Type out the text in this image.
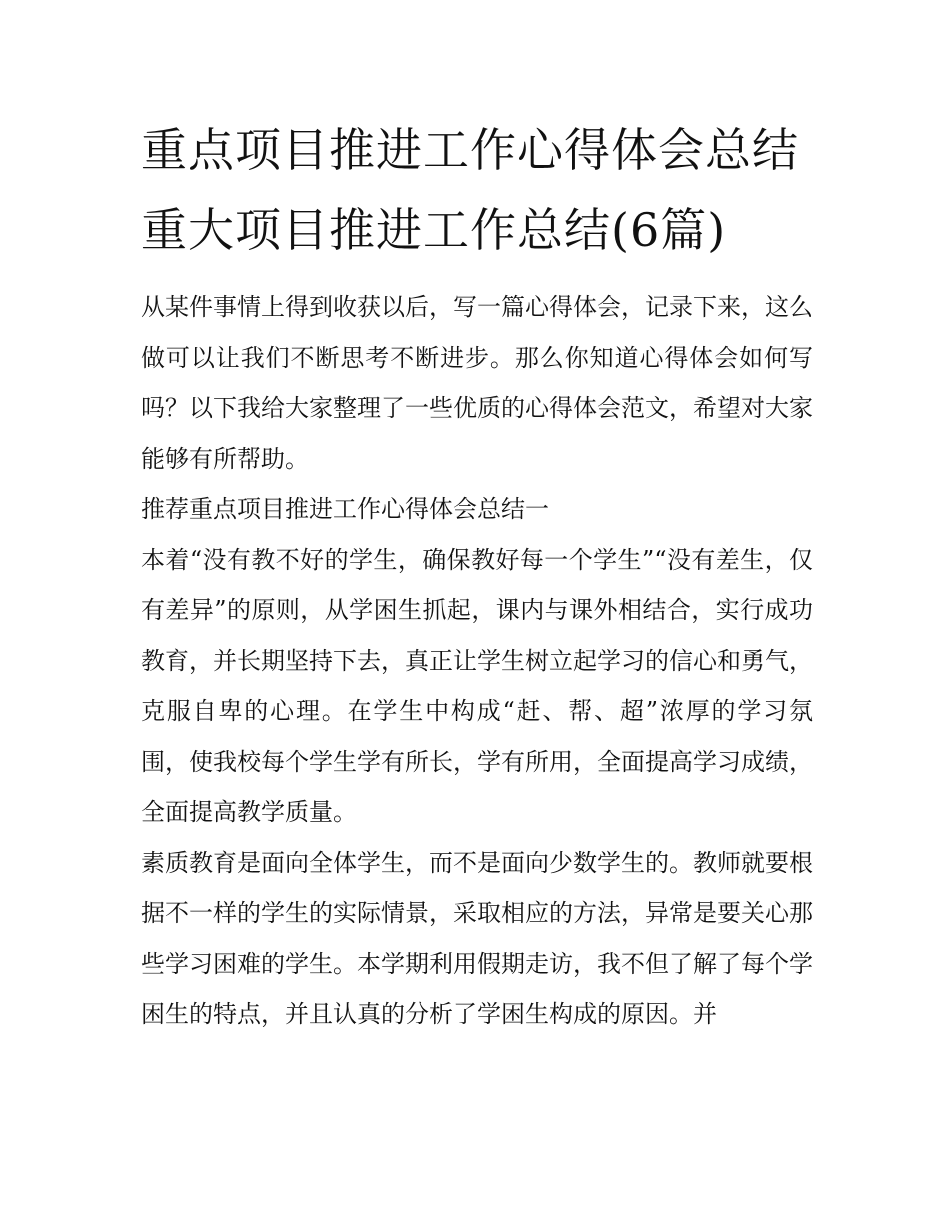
重点项目推进工作心得体会总结 重大项目推进工作总结(6篇)

从某件事情上得到收获以后，写一篇心得体会，记录下来，这么做可以让我们不断思考不断进步。那么你知道心得体会如何写吗？以下我给大家整理了一些优质的心得体会范文，希望对大家能够有所帮助。

推荐重点项目推进工作心得体会总结一

本着“没有教不好的学生，确保教好每一个学生”“没有差生，仅有差异”的原则，从学困生抓起，课内与课外相结合，实行成功教育，并长期坚持下去，真正让学生树立起学习的信心和勇气，克服自卑的心理。在学生中构成“赶、帮、超”浓厚的学习氛围，使我校每个学生学有所长，学有所用，全面提高学习成绩，全面提高教学质量。

素质教育是面向全体学生，而不是面向少数学生的。教师就要根据不一样的学生的实际情景，采取相应的方法，异常是要关心那些学习困难的学生。本学期利用假期走访，我不但了解了每个学困生的特点，并且认真的分析了学困生构成的原因。并
